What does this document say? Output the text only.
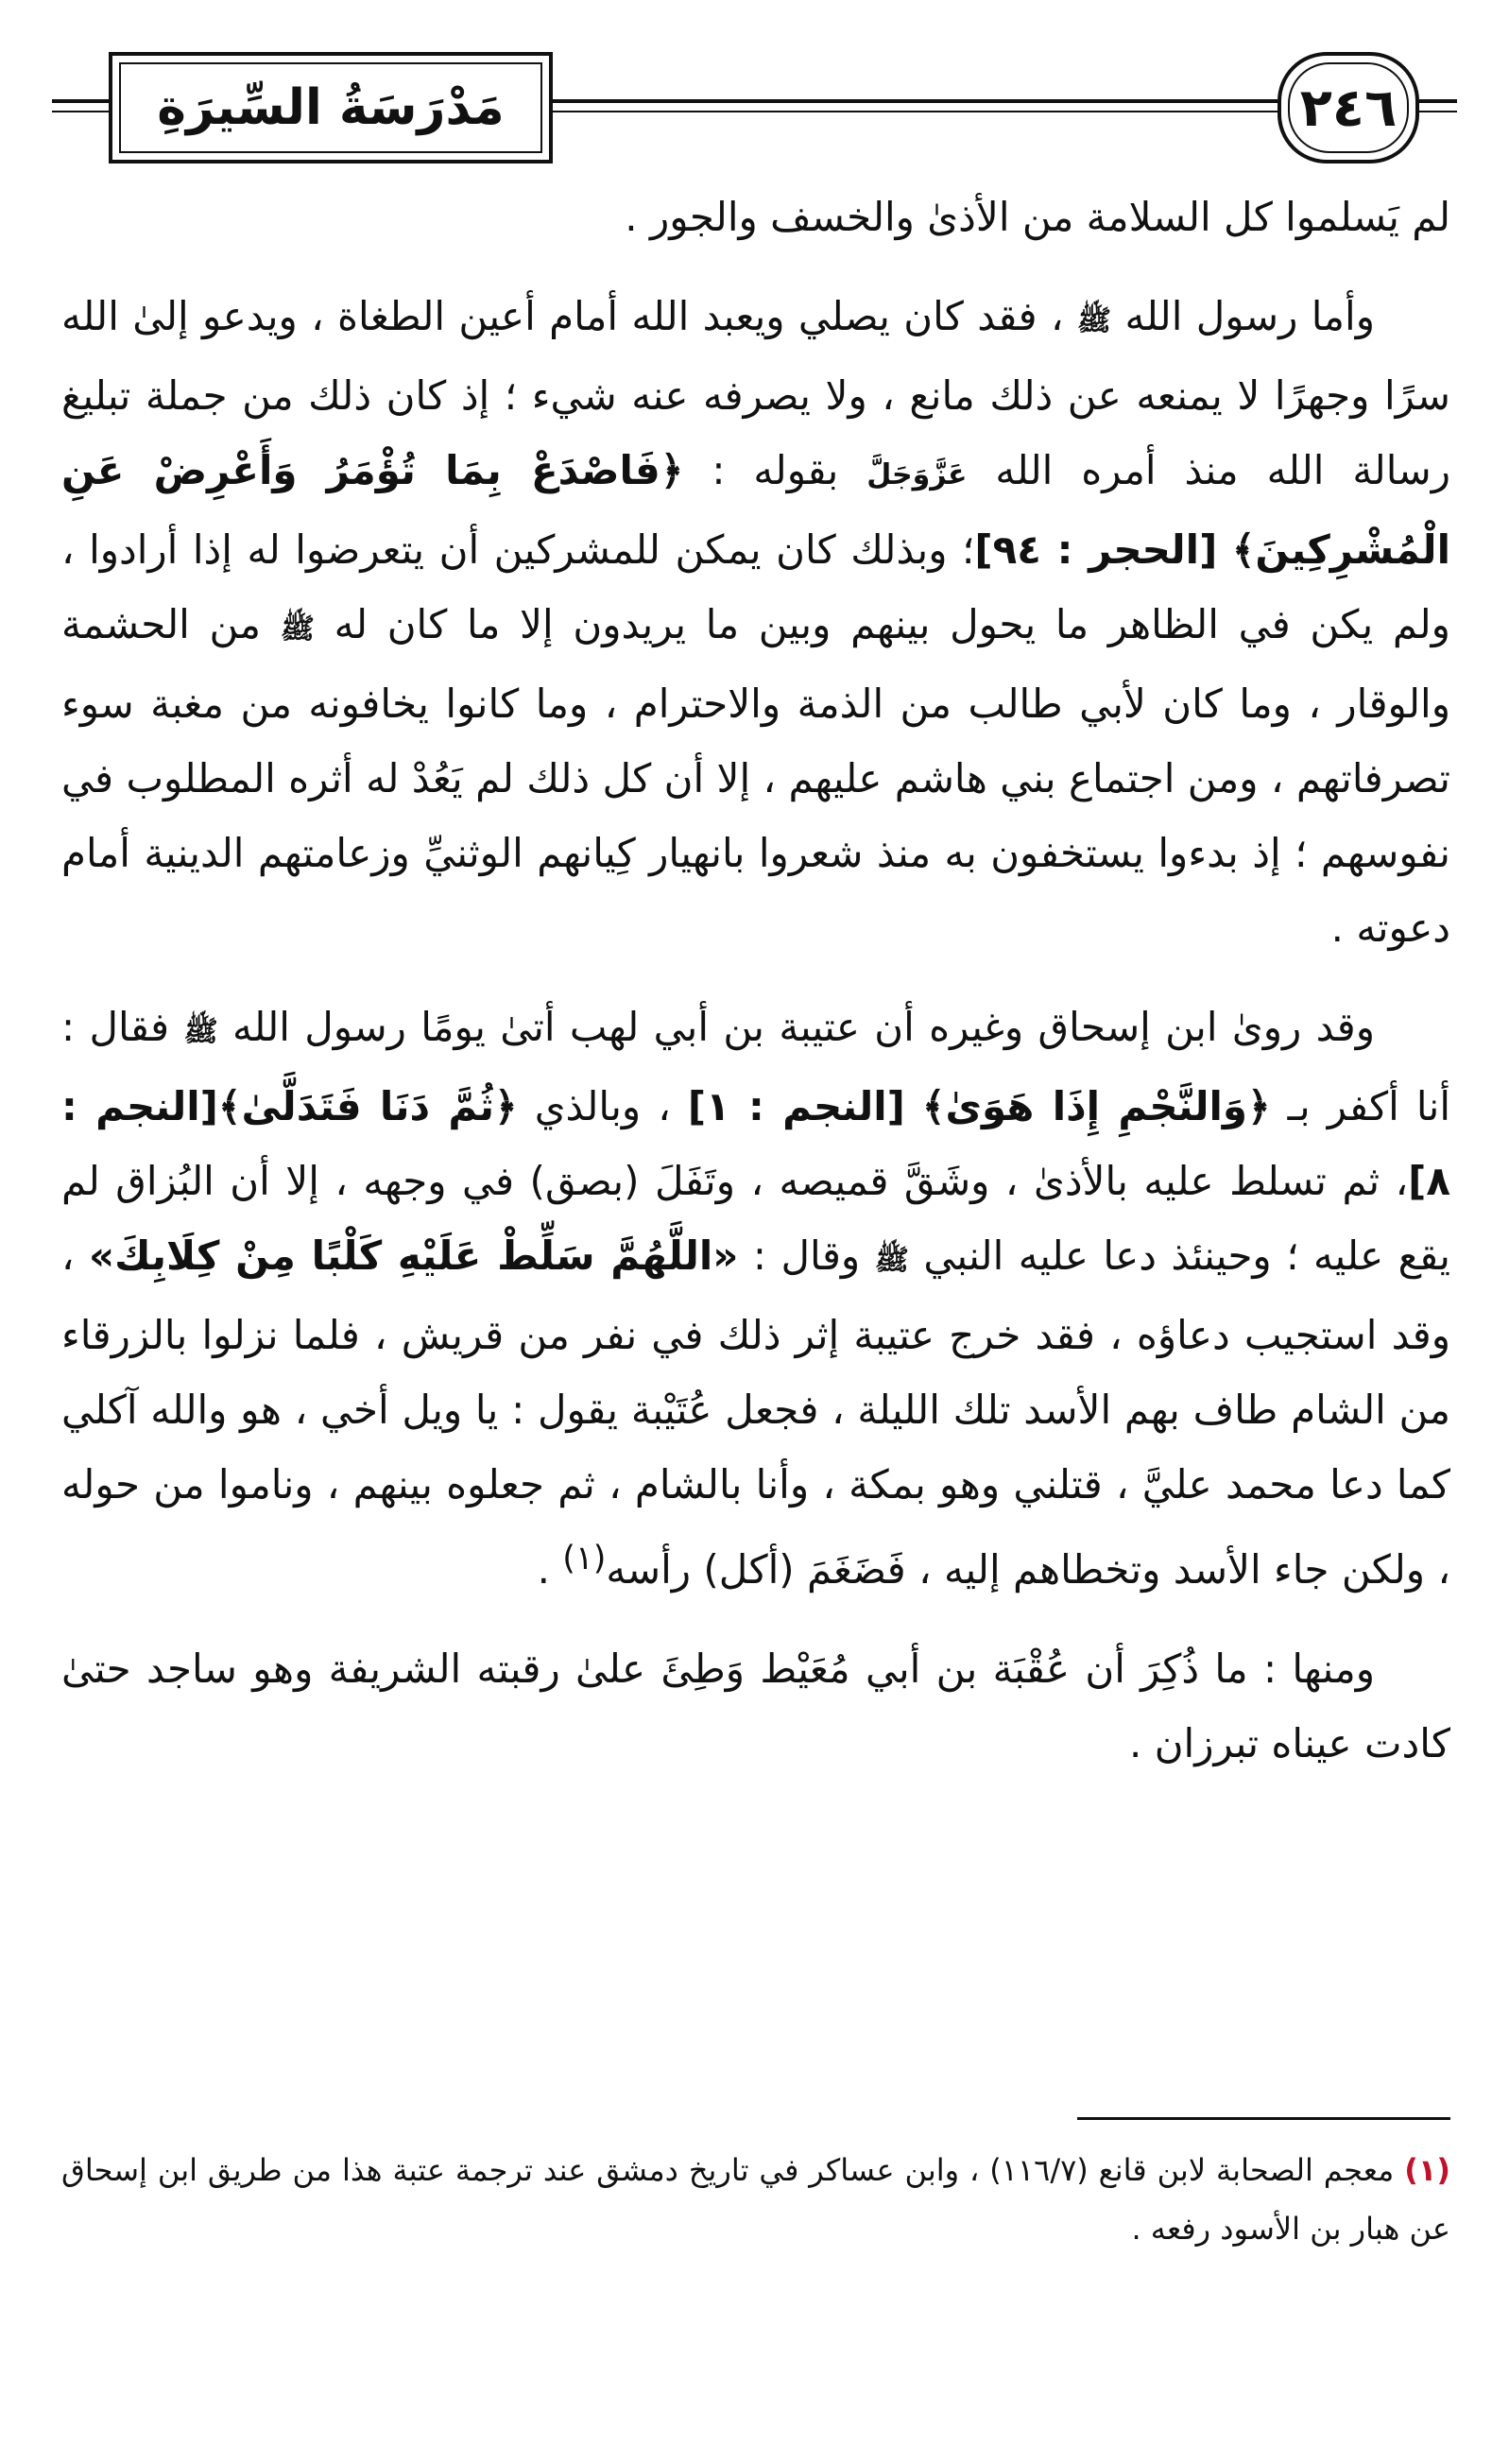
مَدْرَسَةُ السِّيرَةِ	٢٤٦

لم يَسلموا كل السلامة من الأذىٰ والخسف والجور .

وأما رسول الله ﷺ ، فقد كان يصلي ويعبد الله أمام أعين الطغاة ، ويدعو إلىٰ الله سرًا وجهرًا لا يمنعه عن ذلك مانع ، ولا يصرفه عنه شيء ؛ إذ كان ذلك من جملة تبليغ رسالة الله منذ أمره الله عَزَّوَجَلَّ بقوله : ﴿فَاصْدَعْ بِمَا تُؤْمَرُ وَأَعْرِضْ عَنِ الْمُشْرِكِينَ﴾ [الحجر : ٩٤]؛ وبذلك كان يمكن للمشركين أن يتعرضوا له إذا أرادوا ، ولم يكن في الظاهر ما يحول بينهم وبين ما يريدون إلا ما كان له ﷺ من الحشمة والوقار ، وما كان لأبي طالب من الذمة والاحترام ، وما كانوا يخافونه من مغبة سوء تصرفاتهم ، ومن اجتماع بني هاشم عليهم ، إلا أن كل ذلك لم يَعُدْ له أثره المطلوب في نفوسهم ؛ إذ بدءوا يستخفون به منذ شعروا بانهيار كِيانهم الوثنيِّ وزعامتهم الدينية أمام دعوته .

وقد روىٰ ابن إسحاق وغيره أن عتيبة بن أبي لهب أتىٰ يومًا رسول الله ﷺ فقال : أنا أكفر بـ ﴿وَالنَّجْمِ إِذَا هَوَىٰ﴾ [النجم : ١] ، وبالذي ﴿ثُمَّ دَنَا فَتَدَلَّىٰ﴾[النجم : ٨]، ثم تسلط عليه بالأذىٰ ، وشَقَّ قميصه ، وتَفَلَ (بصق) في وجهه ، إلا أن البُزاق لم يقع عليه ؛ وحينئذ دعا عليه النبي ﷺ وقال : «اللَّهُمَّ سَلِّطْ عَلَيْهِ كَلْبًا مِنْ كِلَابِكَ» ، وقد استجيب دعاؤه ، فقد خرج عتيبة إثر ذلك في نفر من قريش ، فلما نزلوا بالزرقاء من الشام طاف بهم الأسد تلك الليلة ، فجعل عُتَيْبة يقول : يا ويل أخي ، هو والله آكلي كما دعا محمد عليَّ ، قتلني وهو بمكة ، وأنا بالشام ، ثم جعلوه بينهم ، وناموا من حوله ، ولكن جاء الأسد وتخطاهم إليه ، فَضَغَمَ (أكل) رأسه$^{(١)}$ .

ومنها : ما ذُكِرَ أن عُقْبَة بن أبي مُعَيْط وَطِئَ علىٰ رقبته الشريفة وهو ساجد حتىٰ كادت عيناه تبرزان .

(١) معجم الصحابة لابن قانع (١١٦/٧) ، وابن عساكر في تاريخ دمشق عند ترجمة عتبة هذا من طريق ابن إسحاق عن هبار بن الأسود رفعه .
